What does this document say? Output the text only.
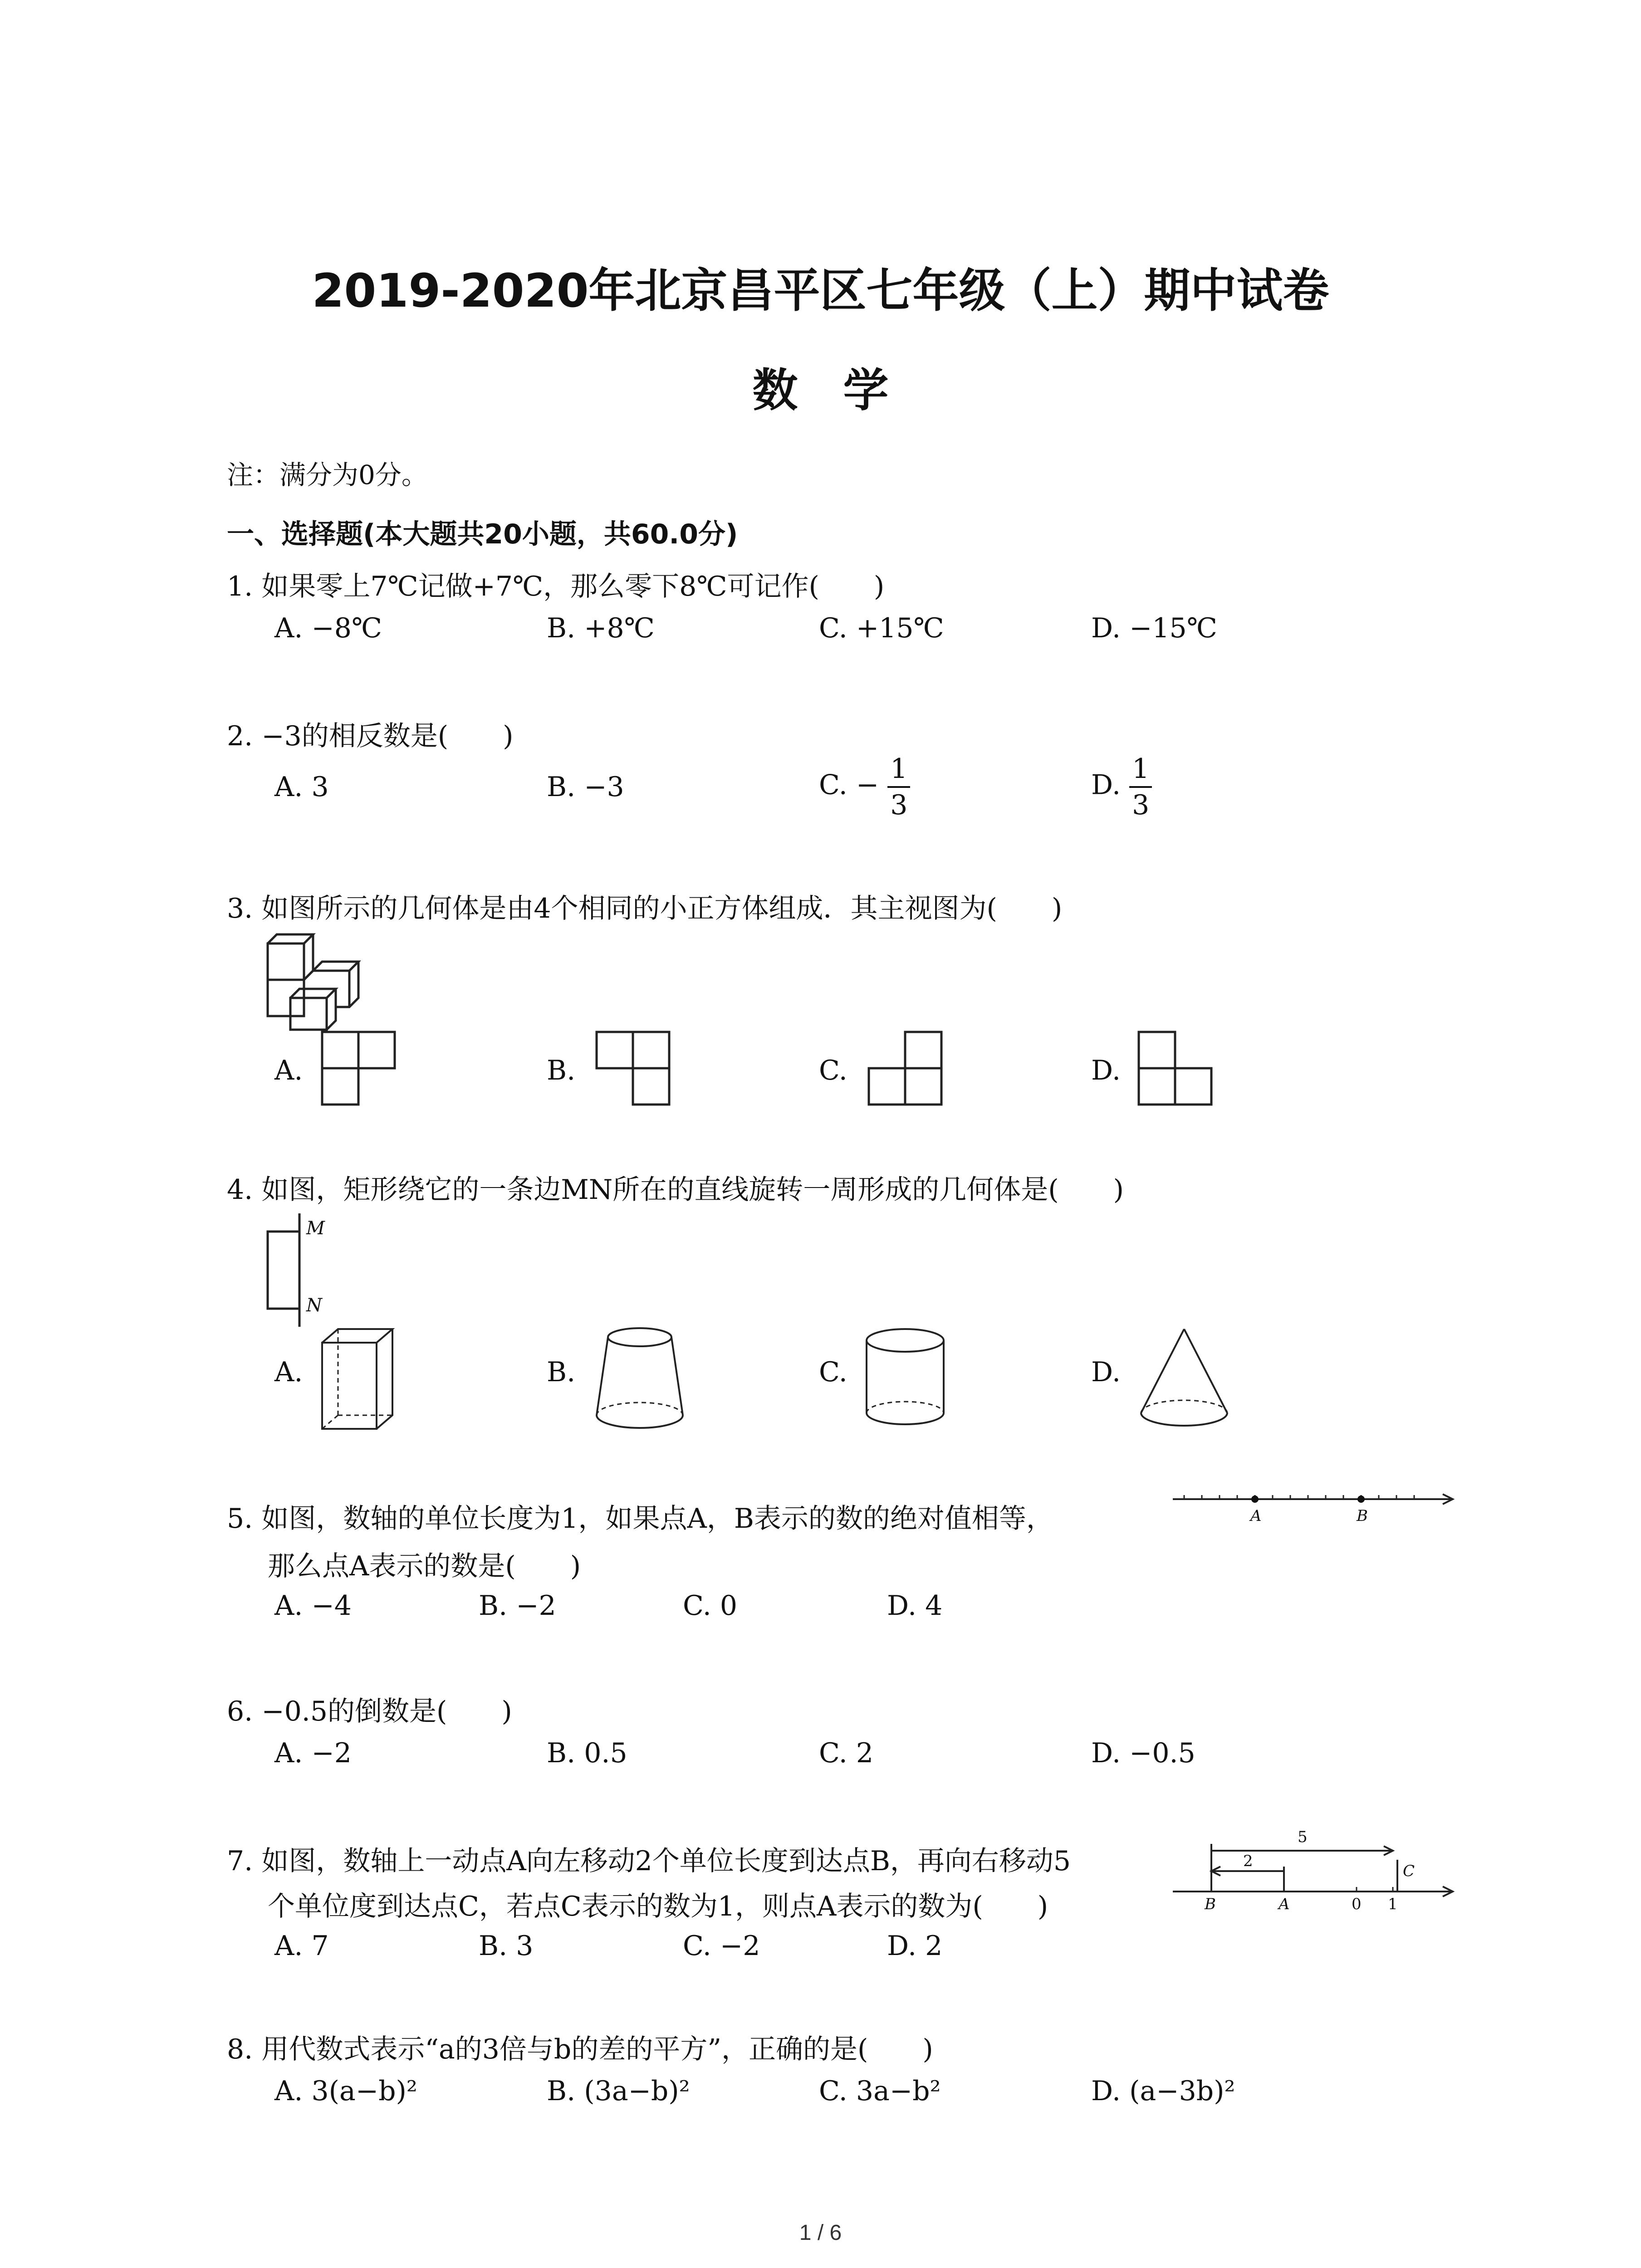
2019-2020年北京昌平区七年级（上）期中试卷
数学
注：满分为0分。
一、选择题(本大题共20小题，共60.0分)
1. 如果零上7℃记做+7℃，那么零下8℃可记作(　　)
A. −8℃	B. +8℃	C. +15℃	D. −15℃
2. −3的相反数是(　　)
A. 3	B. −3	C. − $\frac{1}{3}$	D. $\frac{1}{3}$
3. 如图所示的几何体是由4个相同的小正方体组成．其主视图为(　　)
A.	B.	C.	D.
4. 如图，矩形绕它的一条边MN所在的直线旋转一周形成的几何体是(　　)
M
N
A.	B.	C.	D.
5. 如图，数轴的单位长度为1，如果点A，B表示的数的绝对值相等，
那么点A表示的数是(　　)
A	B
A. −4	B. −2	C. 0	D. 4
6. −0.5的倒数是(　　)
A. −2	B. 0.5	C. 2	D. −0.5
7. 如图，数轴上一动点A向左移动2个单位长度到达点B，再向右移动5
个单位度到达点C，若点C表示的数为1，则点A表示的数为(　　)
5
2
B	A	0 1
C
A. 7	B. 3	C. −2	D. 2
8. 用代数式表示“a的3倍与b的差的平方”，正确的是(　　)
A. 3(a−b)²	B. (3a−b)²	C. 3a−b²	D. (a−3b)²
1 / 6
